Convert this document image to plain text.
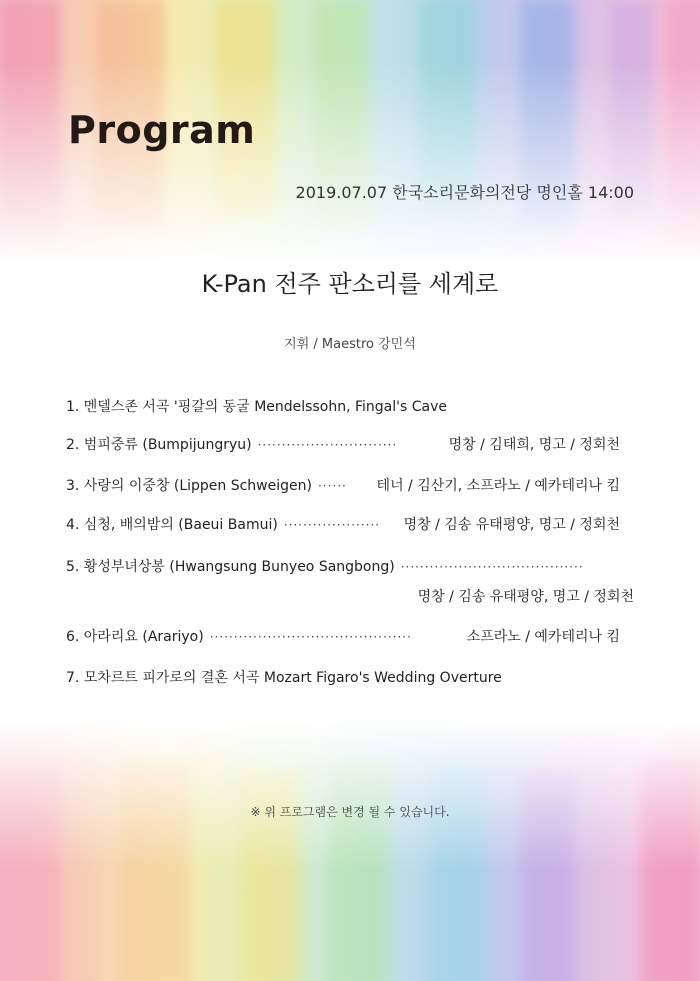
Program
2019.07.07 한국소리문화의전당 명인홀 14:00
K-Pan 전주 판소리를 세계로
지휘 / Maestro 강민석
1. 멘델스존 서곡 '핑갈의 동굴 Mendelssohn, Fingal's Cave
2. 범피중류 (Bumpijungryu) ·····························	명창 / 김태희, 명고 / 정회천
3. 사랑의 이중창 (Lippen Schweigen) ······	테너 / 김산기, 소프라노 / 예카테리나 킴
4. 심청, 배의밤의 (Baeui Bamui) ····················	명창 / 김송 유태평양, 명고 / 정회천
5. 황성부녀상봉 (Hwangsung Bunyeo Sangbong) ······································
명창 / 김송 유태평양, 명고 / 정회천
6. 아라리요 (Arariyo) ··········································	소프라노 / 예카테리나 킴
7. 모차르트 피가로의 결혼 서곡 Mozart Figaro's Wedding Overture
※ 위 프로그램은 변경 될 수 있습니다.
